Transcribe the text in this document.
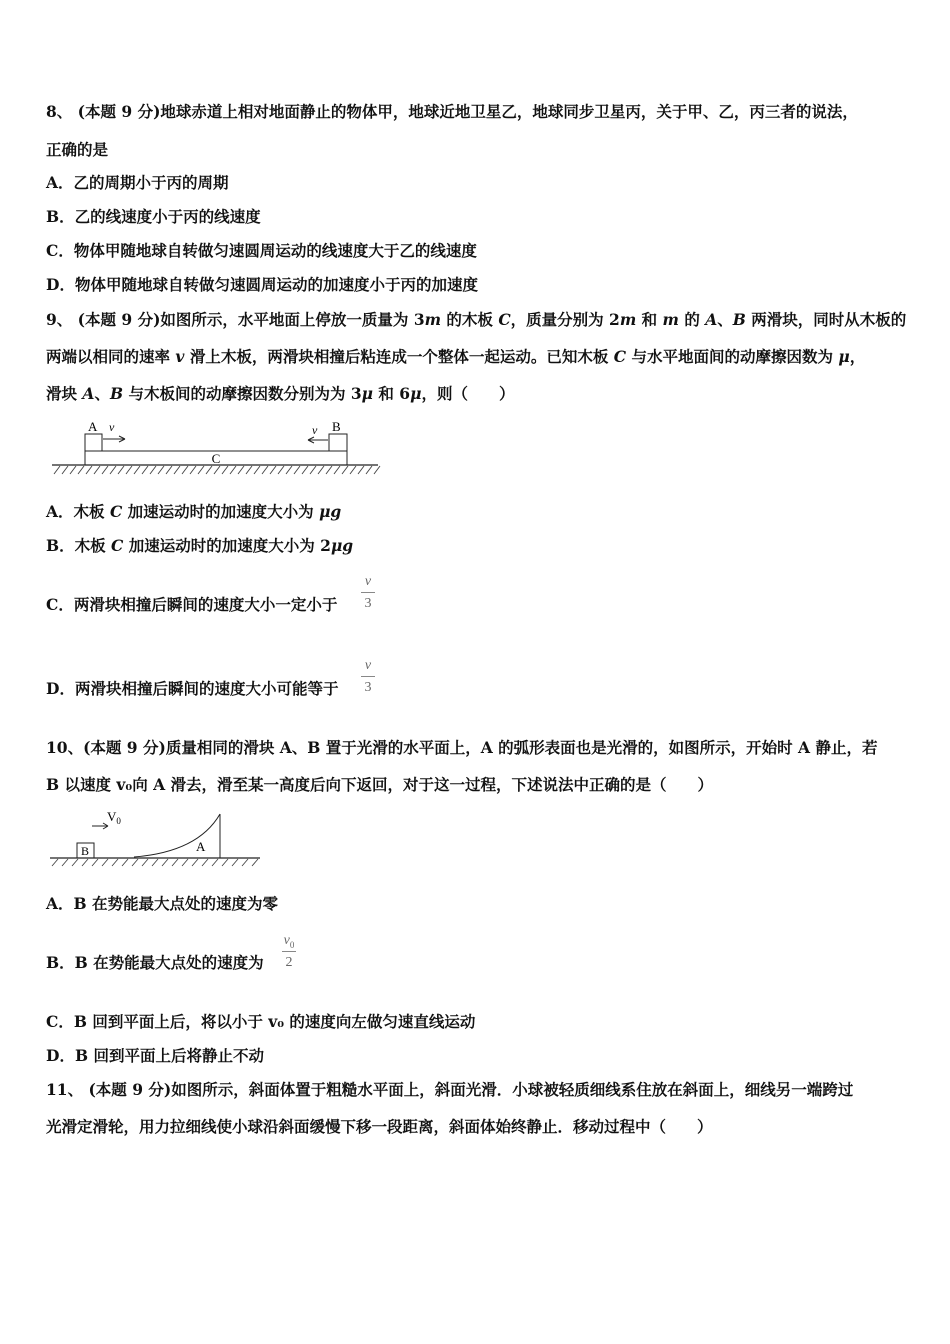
8、 (本题 9 分)地球赤道上相对地面静止的物体甲，地球近地卫星乙，地球同步卫星丙，关于甲、乙，丙三者的说法，
正确的是
A．乙的周期小于丙的周期
B．乙的线速度小于丙的线速度
C．物体甲随地球自转做匀速圆周运动的线速度大于乙的线速度
D．物体甲随地球自转做匀速圆周运动的加速度小于丙的加速度
9、 (本题 9 分)如图所示，水平地面上停放一质量为 3m 的木板 C，质量分别为 2m 和 m 的 A、B 两滑块，同时从木板的
两端以相同的速率 v 滑上木板，两滑块相撞后粘连成一个整体一起运动。已知木板 C 与水平地面间的动摩擦因数为 μ，
滑块 A、B 与木板间的动摩擦因数分别为为 3μ 和 6μ，则（　　）
C
A	B
v	v
A．木板 C 加速运动时的加速度大小为 μg
B．木板 C 加速运动时的加速度大小为 2μg
C．两滑块相撞后瞬间的速度大小一定小于
v
3
D．两滑块相撞后瞬间的速度大小可能等于
v
3
10、(本题 9 分)质量相同的滑块 A、B 置于光滑的水平面上，A 的弧形表面也是光滑的，如图所示，开始时 A 静止，若
B 以速度 v₀向 A 滑去，滑至某一高度后向下返回，对于这一过程，下述说法中正确的是（　　）
B	A
$V_0$
A．B 在势能最大点处的速度为零
B．B 在势能最大点处的速度为
$v_0$
2
C．B 回到平面上后，将以小于 v₀ 的速度向左做匀速直线运动
D．B 回到平面上后将静止不动
11、 (本题 9 分)如图所示，斜面体置于粗糙水平面上，斜面光滑．小球被轻质细线系住放在斜面上，细线另一端跨过
光滑定滑轮，用力拉细线使小球沿斜面缓慢下移一段距离，斜面体始终静止．移动过程中（　　）
